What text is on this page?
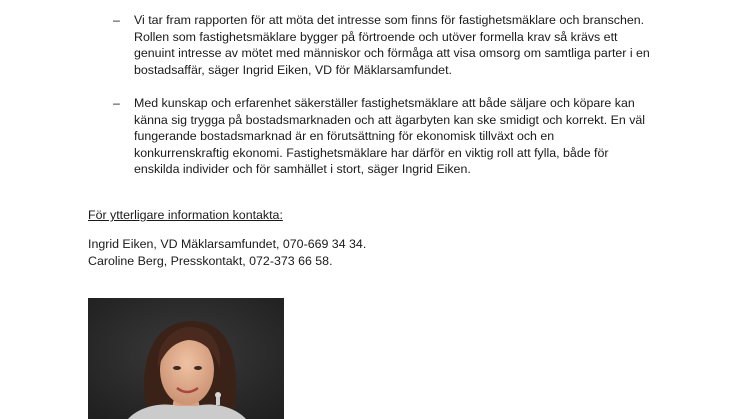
–	Vi tar fram rapporten för att möta det intresse som finns för fastighetsmäklare och branschen.
Rollen som fastighetsmäklare bygger på förtroende och utöver formella krav så krävs ett
genuint intresse av mötet med människor och förmåga att visa omsorg om samtliga parter i en
bostadsaffär, säger Ingrid Eiken, VD för Mäklarsamfundet.
–	Med kunskap och erfarenhet säkerställer fastighetsmäklare att både säljare och köpare kan
känna sig trygga på bostadsmarknaden och att ägarbyten kan ske smidigt och korrekt. En väl
fungerande bostadsmarknad är en förutsättning för ekonomisk tillväxt och en
konkurrenskraftig ekonomi. Fastighetsmäklare har därför en viktig roll att fylla, både för
enskilda individer och för samhället i stort, säger Ingrid Eiken.
För ytterligare information kontakta:
Ingrid Eiken, VD Mäklarsamfundet, 070-669 34 34.
Caroline Berg, Presskontakt, 072-373 66 58.
